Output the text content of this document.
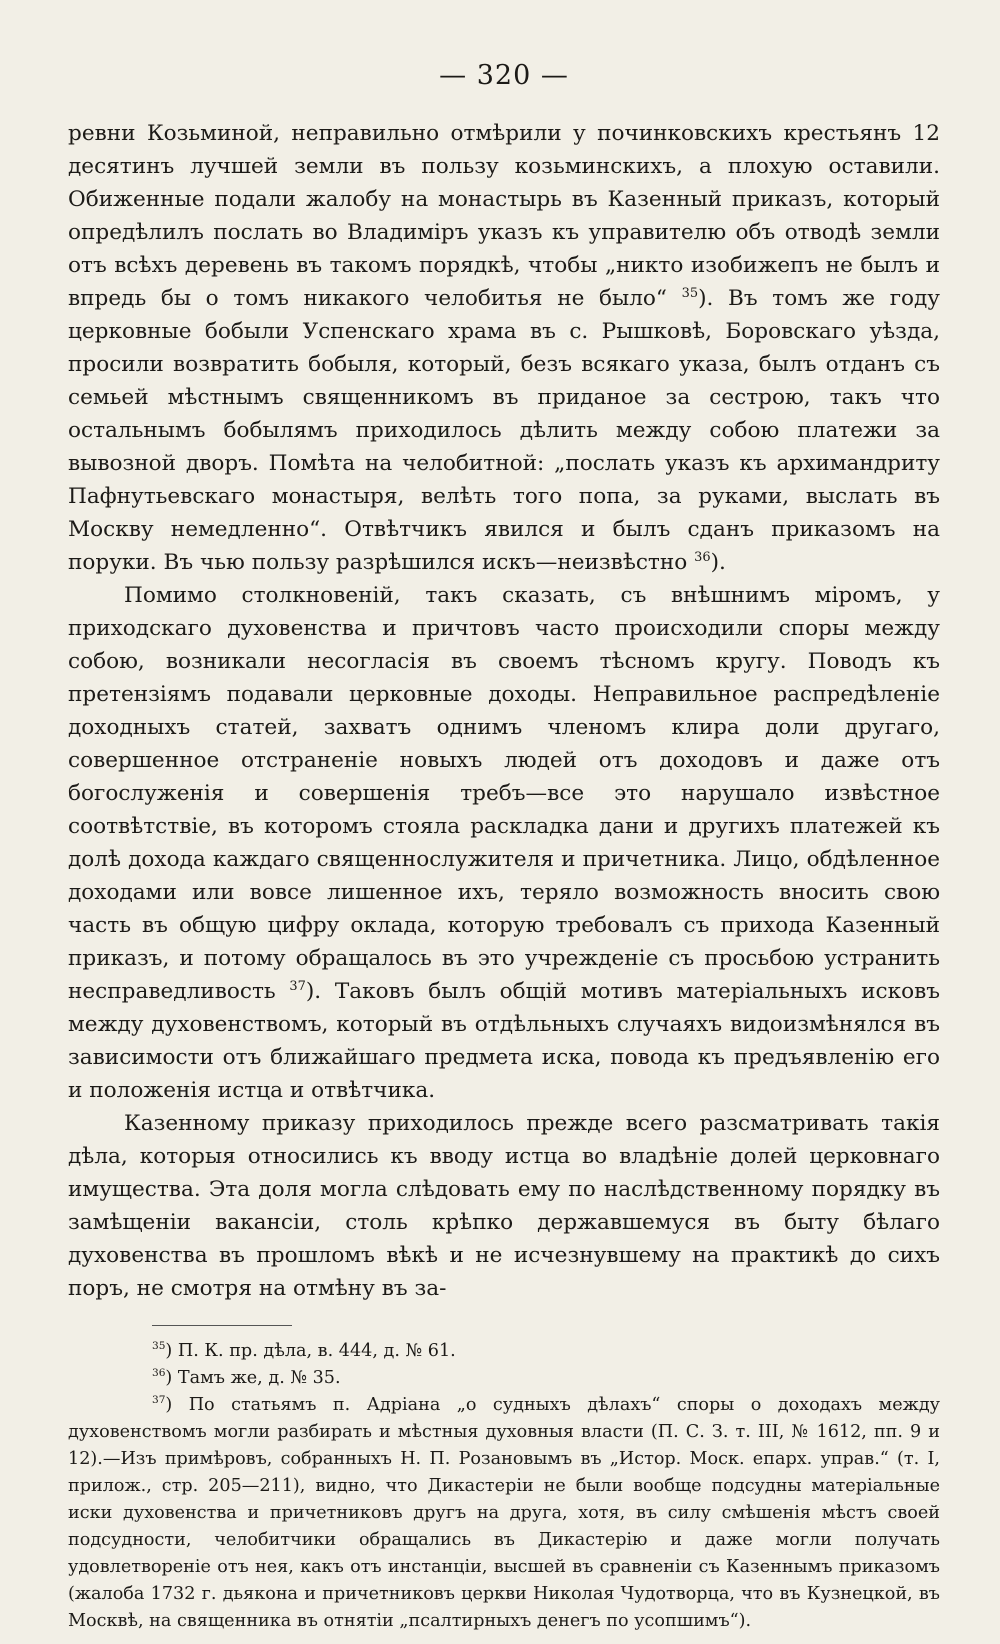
— 320 —

ревни Козьминой, неправильно отмѣрили у починковскихъ крестьянъ 12 десятинъ лучшей земли въ пользу козьминскихъ, а плохую оставили. Обиженные подали жалобу на монастырь въ Казенный приказъ, который опредѣлилъ послать во Владиміръ указъ къ управителю объ отводѣ земли отъ всѣхъ деревень въ такомъ порядкѣ, чтобы „никто изобижепъ не былъ и впредь бы о томъ никакого челобитья не было“ $^{35}$). Въ томъ же году церковные бобыли Успенскаго храма въ с. Рышковѣ, Боровскаго уѣзда, просили возвратить бобыля, который, безъ всякаго указа, былъ отданъ съ семьей мѣстнымъ священникомъ въ приданое за сестрою, такъ что остальнымъ бобылямъ приходилось дѣлить между собою платежи за вывозной дворъ. Помѣта на челобитной: „послать указъ къ архимандриту Пафнутьевскаго монастыря, велѣть того попа, за руками, выслать въ Москву немедленно“. Отвѣтчикъ явился и былъ сданъ приказомъ на поруки. Въ чью пользу разрѣшился искъ—неизвѣстно $^{36}$).

Помимо столкновеній, такъ сказать, съ внѣшнимъ міромъ, у приходскаго духовенства и причтовъ часто происходили споры между собою, возникали несогласія въ своемъ тѣсномъ кругу. Поводъ къ претензіямъ подавали церковные доходы. Неправильное распредѣленіе доходныхъ статей, захватъ однимъ членомъ клира доли другаго, совершенное отстраненіе новыхъ людей отъ доходовъ и даже отъ богослуженія и совершенія требъ—все это нарушало извѣстное соотвѣтствіе, въ которомъ стояла раскладка дани и другихъ платежей къ долѣ дохода каждаго священнослужителя и причетника. Лицо, обдѣленное доходами или вовсе лишенное ихъ, теряло возможность вносить свою часть въ общую цифру оклада, которую требовалъ съ прихода Казенный приказъ, и потому обращалось въ это учрежденіе съ просьбою устранить несправедливость $^{37}$). Таковъ былъ общій мотивъ матеріальныхъ исковъ между духовенствомъ, который въ отдѣльныхъ случаяхъ видоизмѣнялся въ зависимости отъ ближайшаго предмета иска, повода къ предъявленію его и положенія истца и отвѣтчика.

Казенному приказу приходилось прежде всего разсматривать такія дѣла, которыя относились къ вводу истца во владѣніе долей церковнаго имущества. Эта доля могла слѣдовать ему по наслѣдственному порядку въ замѣщеніи вакансіи, столь крѣпко державшемуся въ быту бѣлаго духовенства въ прошломъ вѣкѣ и не исчезнувшему на практикѣ до сихъ поръ, не смотря на отмѣну въ за-

$^{35}$) П. К. пр. дѣла, в. 444, д. № 61.

$^{36}$) Тамъ же, д. № 35.

$^{37}$) По статьямъ п. Адріана „о судныхъ дѣлахъ“ споры о доходахъ между духовенствомъ могли разбирать и мѣстныя духовныя власти (П. С. З. т. III, № 1612, пп. 9 и 12).—Изъ примѣровъ, собранныхъ Н. П. Розановымъ въ „Истор. Моск. епарх. управ.“ (т. I, прилож., стр. 205—211), видно, что Дикастеріи не были вообще подсудны матеріальные иски духовенства и причетниковъ другъ на друга, хотя, въ силу смѣшенія мѣстъ своей подсудности, челобитчики обращались въ Дикастерію и даже могли получать удовлетвореніе отъ нея, какъ отъ инстанціи, высшей въ сравненіи съ Казеннымъ приказомъ (жалоба 1732 г. дьякона и причетниковъ церкви Николая Чудотворца, что въ Кузнецкой, въ Москвѣ, на священника въ отнятіи „псалтирныхъ денегъ по усопшимъ“).
